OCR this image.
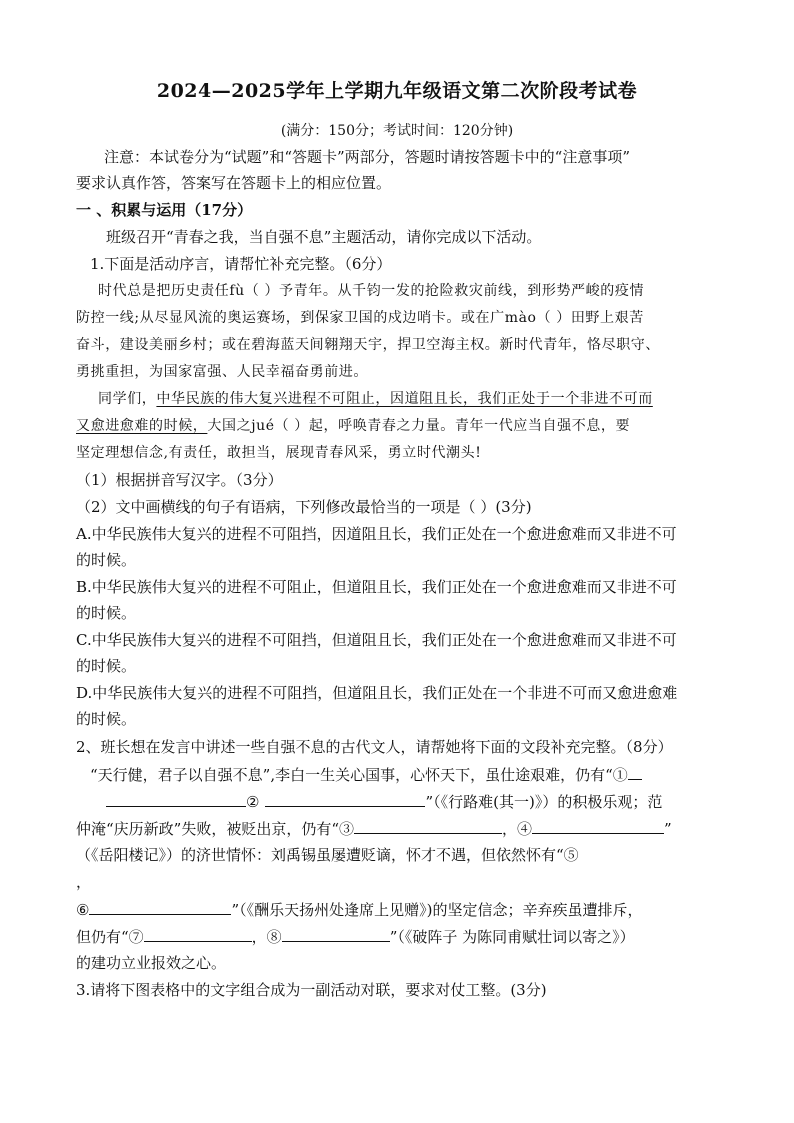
2024—2025学年上学期九年级语文第二次阶段考试卷
(满分：150分；考试时间：120分钟)
注意：本试卷分为“试题”和“答题卡”两部分，答题时请按答题卡中的“注意事项”
要求认真作答，答案写在答题卡上的相应位置。
一 、积累与运用（17分）
班级召开“青春之我，当自强不息”主题活动，请你完成以下活动。
1.下面是活动序言，请帮忙补充完整。（6分）
时代总是把历史责任fù（ ）予青年。从千钧一发的抢险救灾前线，到形势严峻的疫情
防控一线;从尽显风流的奥运赛场，到保家卫国的戍边哨卡。或在广mào（ ）田野上艰苦
奋斗，建设美丽乡村；或在碧海蓝天间翱翔天宇，捍卫空海主权。新时代青年，恪尽职守、
勇挑重担，为国家富强、人民幸福奋勇前进。
同学们，中华民族的伟大复兴进程不可阻止，因道阻且长，我们正处于一个非进不可而
又愈进愈难的时候，大国之jué（ ）起，呼唤青春之力量。青年一代应当自强不息，要
坚定理想信念,有责任，敢担当，展现青春风采，勇立时代潮头!
（1）根据拼音写汉字。（3分）
（2）文中画横线的句子有语病，下列修改最恰当的一项是（ ）(3分)
A.中华民族伟大复兴的进程不可阻挡，因道阻且长，我们正处在一个愈进愈难而又非进不可
的时候。
B.中华民族伟大复兴的进程不可阻止，但道阻且长，我们正处在一个愈进愈难而又非进不可
的时候。
C.中华民族伟大复兴的进程不可阻挡，但道阻且长，我们正处在一个愈进愈难而又非进不可
的时候。
D.中华民族伟大复兴的进程不可阻挡，但道阻且长，我们正处在一个非进不可而又愈进愈难
的时候。
2、班长想在发言中讲述一些自强不息的古代文人，请帮她将下面的文段补充完整。（8分）
“天行健，君子以自强不息”,李白一生关心国事，心怀天下，虽仕途艰难，仍有“①
②	”（《行路难(其一)》）的积极乐观；范
仲淹“庆历新政”失败，被贬出京，仍有“③	，④	”
（《岳阳楼记》）的济世情怀：刘禹锡虽屡遭贬谪，怀才不遇，但依然怀有“⑤
，
⑥	”（《酬乐天扬州处逢席上见赠》)的坚定信念；辛弃疾虽遭排斥，
但仍有“⑦	，⑧	”（《破阵子 为陈同甫赋壮词以寄之》）
的建功立业报效之心。
3.请将下图表格中的文字组合成为一副活动对联，要求对仗工整。(3分)
